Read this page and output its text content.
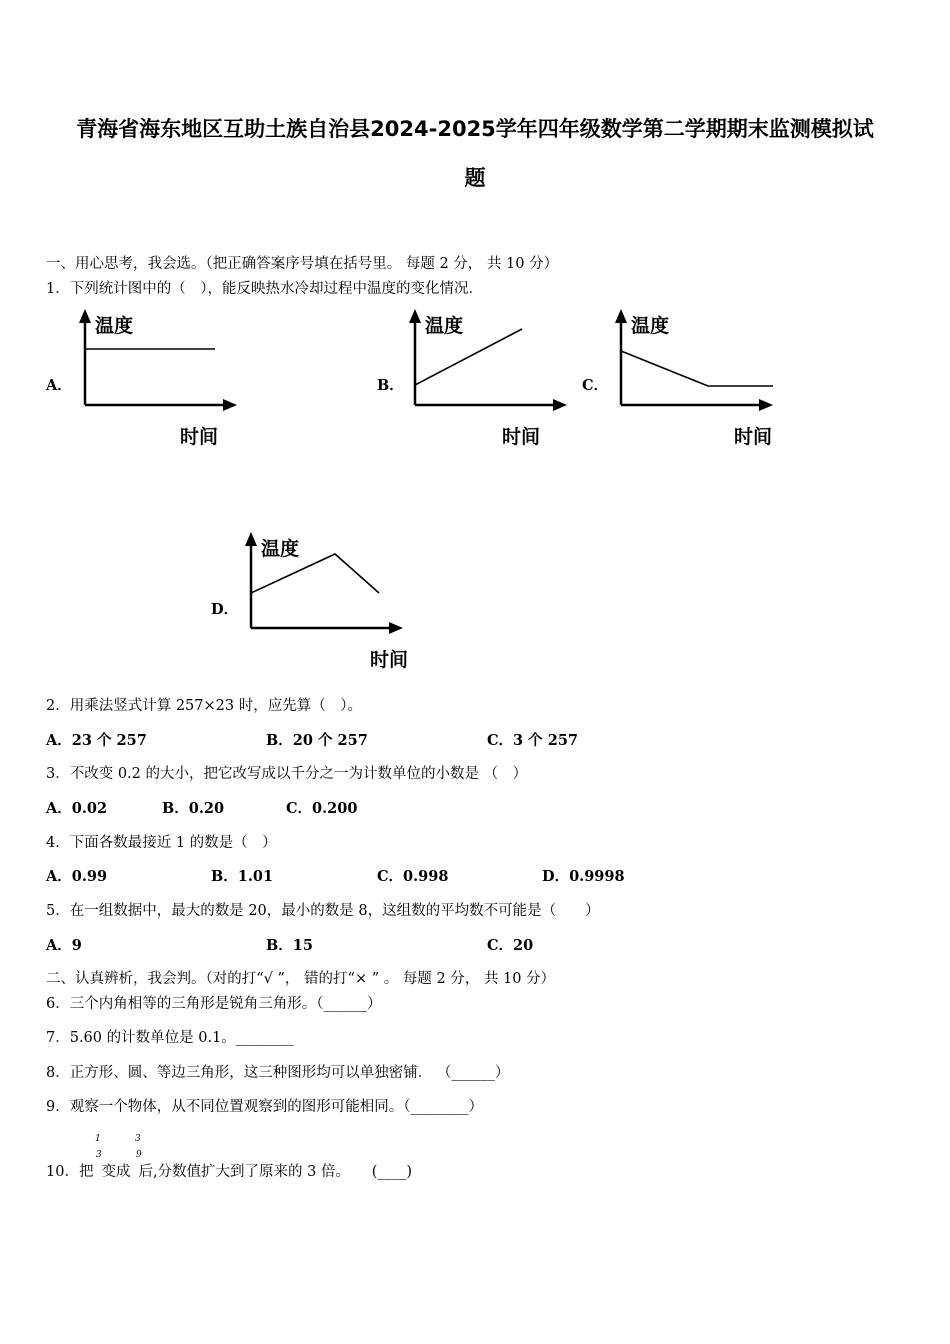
青海省海东地区互助土族自治县2024-2025学年四年级数学第二学期期末监测模拟试
题
一、用心思考，我会选。（把正确答案序号填在括号里。 每题 2 分， 共 10 分）
1．下列统计图中的（　），能反映热水冷却过程中温度的变化情况．
A．	B．	C．
D．
温度
时间
温度
时间
温度
时间
温度
时间
2．用乘法竖式计算 257×23 时，应先算（　）。
A．23 个 257	B．20 个 257	C．3 个 257
3．不改变 0.2 的大小，把它改写成以千分之一为计数单位的小数是 （　）
A．0.02	B．0.20	C．0.200
4．下面各数最接近 1 的数是（　）
A．0.99	B．1.01	C．0.998	D．0.9998
5．在一组数据中，最大的数是 20，最小的数是 8，这组数的平均数不可能是（　　）
A．9	B．15	C．20
二、认真辨析，我会判。（对的打“√ ”， 错的打“× ” 。 每题 2 分， 共 10 分）
6．三个内角相等的三角形是锐角三角形。（______）
7．5.60 的计数单位是 0.1。________
8．正方形、圆、等边三角形，这三种图形均可以单独密铺． （______）
9．观察一个物体，从不同位置观察到的图形可能相同。（________）
10．把 变成 后,分数值扩大到了原来的 3 倍。　　(____)
1
3
3
9
